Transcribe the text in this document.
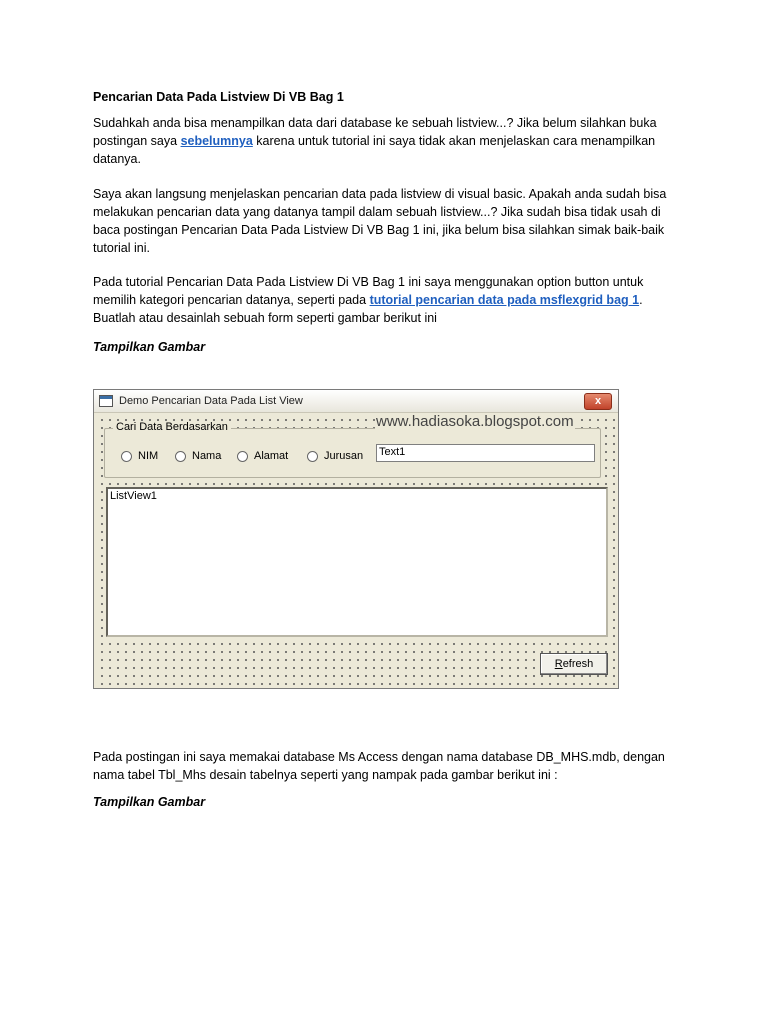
Pencarian Data Pada Listview Di VB Bag 1

Sudahkah anda bisa menampilkan data dari database ke sebuah listview...? Jika belum silahkan buka postingan saya sebelumnya karena untuk tutorial ini saya tidak akan menjelaskan cara menampilkan datanya.

Saya akan langsung menjelaskan pencarian data pada listview di visual basic. Apakah anda sudah bisa melakukan pencarian data yang datanya tampil dalam sebuah listview...? Jika sudah bisa tidak usah di baca postingan Pencarian Data Pada Listview Di VB Bag 1 ini, jika belum bisa silahkan simak baik-baik tutorial ini.

Pada tutorial Pencarian Data Pada Listview Di VB Bag 1 ini saya menggunakan option button untuk memilih kategori pencarian datanya, seperti pada tutorial pencarian data pada msflexgrid bag 1. Buatlah atau desainlah sebuah form seperti gambar berikut ini

Tampilkan Gambar

Pada postingan ini saya memakai database Ms Access dengan nama database DB_MHS.mdb, dengan nama tabel Tbl_Mhs desain tabelnya seperti yang nampak pada gambar berikut ini :

Tampilkan Gambar

Demo Pencarian Data Pada List View	x
Cari Data Berdasarkan
NIM	Nama	Alamat	Jurusan Text1
www.hadiasoka.blogspot.com
ListView1
R efresh
